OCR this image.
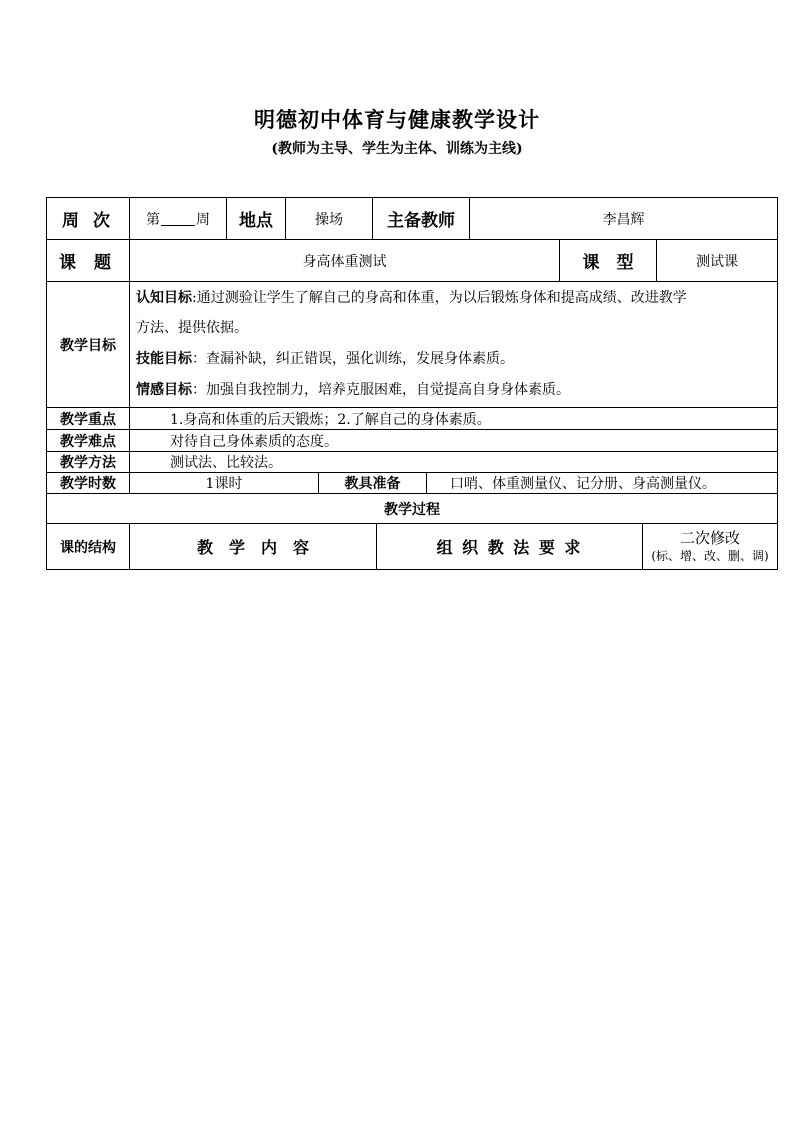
明德初中体育与健康教学设计
(教师为主导、学生为主体、训练为主线)
周 次	第	周	地点	操场	主备教师	李昌辉
课 题	身高体重测试	课　型	测试课
教学目标
认知目标:通过测验让学生了解自己的身高和体重，为以后锻炼身体和提高成绩、改进教学
方法、提供依据。
技能目标：查漏补缺，纠正错误，强化训练，发展身体素质。
情感目标：加强自我控制力，培养克服困难，自觉提高自身身体素质。
教学重点	1.身高和体重的后天锻炼；2.了解自己的身体素质。
教学难点	对待自己身体素质的态度。
教学方法	测试法、比较法。
教学时数	1课时	教具准备	口哨、体重测量仪、记分册、身高测量仪。
教学过程
课的结构	教　学　内　容	组 织 教 法 要 求	二次修改
(标、增、改、删、调)
